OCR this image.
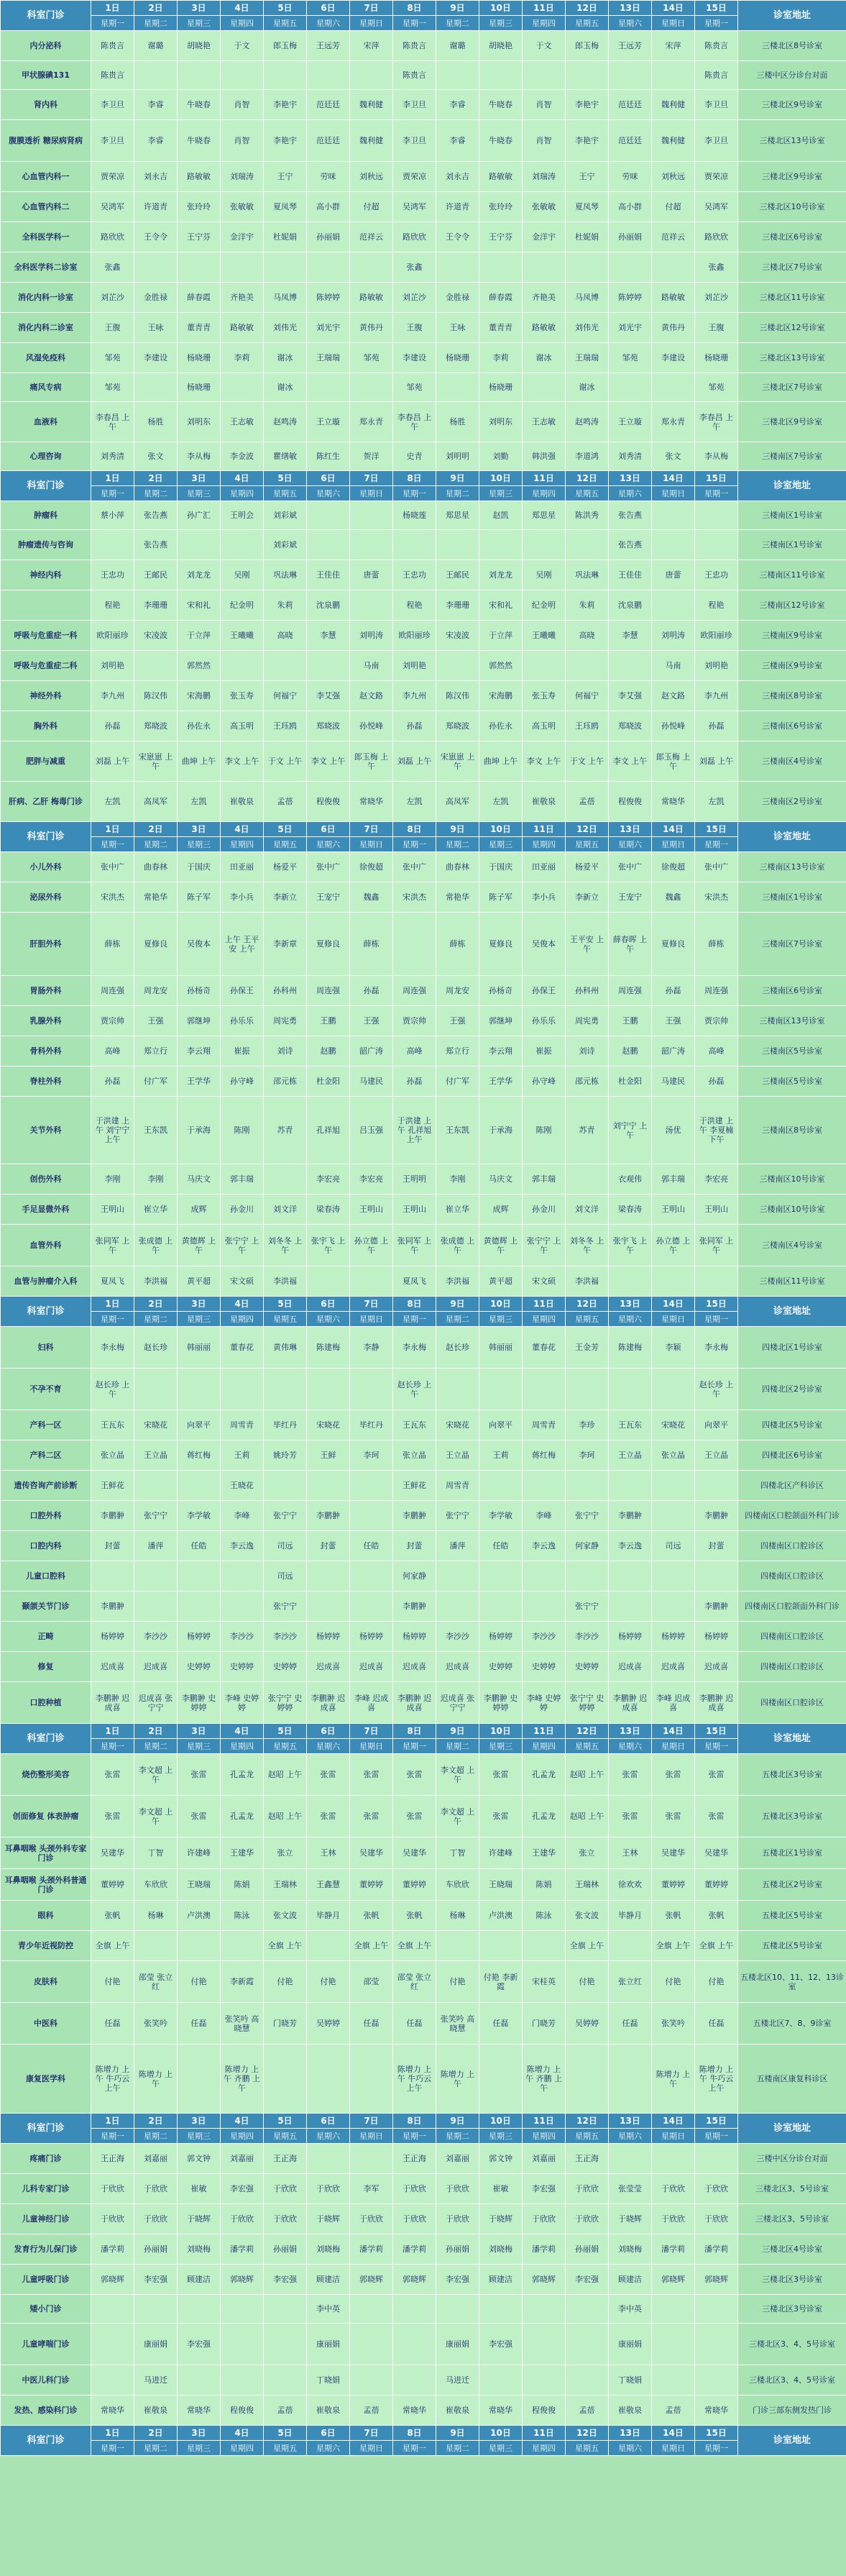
科室门诊	1日	2日	3日	4日	5日	6日	7日	8日	9日	10日	11日	12日	13日	14日	15日	诊室地址
	星期一	星期二	星期三	星期四	星期五	星期六	星期日	星期一	星期二	星期三	星期四	星期五	星期六	星期日	星期一	
内分泌科	陈贵言	谢璐	胡晓艳	于文	郎玉梅	王远芳	宋萍	陈贵言	谢璐	胡晓艳	于文	郎玉梅	王远芳	宋萍	陈贵言	三楼北区8号诊室
甲状腺碘131	陈贵言							陈贵言							陈贵言	三楼中区分诊台对面
肾内科	李卫旦	李睿	牛晓春	肖智	李艳宇	范廷廷	魏利健	李卫旦	李睿	牛晓春	肖智	李艳宇	范廷廷	魏利健	李卫旦	三楼北区9号诊室
腹膜透析 糖尿病肾病	李卫旦	李睿	牛晓春	肖智	李艳宇	范廷廷	魏利健	李卫旦	李睿	牛晓春	肖智	李艳宇	范廷廷	魏利健	李卫旦	三楼北区13号诊室
心血管内科一	贾荣凉	刘永吉	路敏敏	刘瑞涛	王宁	劳咪	刘秋远	贾荣凉	刘永吉	路敏敏	刘瑞涛	王宁	劳咪	刘秋远	贾荣凉	三楼北区9号诊室
心血管内科二	吴鸿军	许道青	张玲玲	张敏敏	夏凤琴	高小群	付超	吴鸿军	许道青	张玲玲	张敏敏	夏凤琴	高小群	付超	吴鸿军	三楼北区10号诊室
全科医学科一	路欣欣	王令令	王宁芬	金洋宇	杜妮娟	孙丽娟	范祥云	路欣欣	王令令	王宁芬	金洋宇	杜妮娟	孙丽娟	范祥云	路欣欣	三楼北区6号诊室
全科医学科二诊室	张鑫							张鑫							张鑫	三楼北区7号诊室
消化内科一诊室	刘芷沙	金胜禄	薛春霞	齐艳美	马凤博	陈婷婷	路敏敏	刘芷沙	金胜禄	薛春霞	齐艳美	马凤博	陈婷婷	路敏敏	刘芷沙	三楼北区11号诊室
消化内科二诊室	王腹	王咏	董青青	路敏敏	刘伟光	刘光宇	黄伟丹	王腹	王咏	董青青	路敏敏	刘伟光	刘光宇	黄伟丹	王腹	三楼北区12号诊室
风湿免疫科	邹苑	李建设	杨晓珊	李莉	谢冰	王瑞瑞	邹苑	李建设	杨晓珊	李莉	谢冰	王瑞瑞	邹苑	李建设	杨晓珊	三楼北区13号诊室
痛风专病	邹苑		杨晓珊		谢冰			邹苑		杨晓珊		谢冰			邹苑	三楼北区7号诊室
血液科	李春昌 上午	杨胜	刘明东	王志敏	赵鸣涛	王立璇	郑永青	李春昌 上午	杨胜	刘明东	王志敏	赵鸣涛	王立璇	郑永青	李春昌 上午	三楼北区9号诊室
心理咨询	刘秀清	张文	李从梅	李金波	瞿缮敏	陈红生	贺洋	史青	刘明明	刘勤	韩洪强	李道鸿	刘秀清	张文	李从梅	三楼南区7号诊室
科室门诊	1日	2日	3日	4日	5日	6日	7日	8日	9日	10日	11日	12日	13日	14日	15日	诊室地址
	星期一	星期二	星期三	星期四	星期五	星期六	星期日	星期一	星期二	星期三	星期四	星期五	星期六	星期日	星期一	
肿瘤科	蔡小萍	张告燕	孙广汇	王明会	刘彩斌			杨晓莲	郑思星	赵凯	郑思星	陈洪秀	张告燕			三楼南区1号诊室
肿瘤遗传与咨询		张告燕			刘彩斌								张告燕			三楼南区1号诊室
神经内科	王忠功	王邮民	刘龙龙	吴刚	巩法琳	王佳佳	唐蕾	王忠功	王邮民	刘龙龙	吴刚	巩法琳	王佳佳	唐蕾	王忠功	三楼南区11号诊室
	程艳	李珊珊	宋和礼	纪金明	朱莉	沈泉鹏		程艳	李珊珊	宋和礼	纪金明	朱莉	沈泉鹏		程艳	三楼南区12号诊室
呼吸与危重症一科	欧阳丽珍	宋凌波	于立萍	王曦曦	高晓	李慧	刘明涛	欧阳丽珍	宋凌波	于立萍	王曦曦	高晓	李慧	刘明涛	欧阳丽珍	三楼南区9号诊室
呼吸与危重症二科	刘明艳		郭然然				马南	刘明艳		郭然然				马南	刘明艳	三楼南区9号诊室
神经外科	李九州	陈汉伟	宋海鹏	张玉寿	何福宁	李艾强	赵文路	李九州	陈汉伟	宋海鹏	张玉寿	何福宁	李艾强	赵文路	李九州	三楼南区8号诊室
胸外科	孙磊	郑晓波	孙佐永	高玉明	王珏鸥	郑晓波	孙悦峰	孙磊	郑晓波	孙佐永	高玉明	王珏鸥	郑晓波	孙悦峰	孙磊	三楼南区6号诊室
肥胖与减重	刘磊 上午	宋崽崽 上午	曲坤 上午	李文 上午	于文 上午	李文 上午	郎玉梅 上午	刘磊 上午	宋崽崽 上午	曲坤 上午	李文 上午	于文 上午	李文 上午	郎玉梅 上午	刘磊 上午	三楼南区4号诊室
肝病、乙肝 梅毒门诊	左凯	高凤军	左凯	崔敬泉	孟蓓	程俊俊	常晓华	左凯	高凤军	左凯	崔敬泉	孟蓓	程俊俊	常晓华	左凯	三楼南区2号诊室
科室门诊	1日	2日	3日	4日	5日	6日	7日	8日	9日	10日	11日	12日	13日	14日	15日	诊室地址
	星期一	星期二	星期三	星期四	星期五	星期六	星期日	星期一	星期二	星期三	星期四	星期五	星期六	星期日	星期一	
小儿外科	张中广	曲春林	于国庆	田亚丽	杨爱平	张中广	徐俊超	张中广	曲春林	于国庆	田亚丽	杨爱平	张中广	徐俊超	张中广	三楼南区13号诊室
泌尿外科	宋洪杰	常艳华	陈子军	李小兵	李新立	王宠宁	魏鑫	宋洪杰	常艳华	陈子军	李小兵	李新立	王宠宁	魏鑫	宋洪杰	三楼南区1号诊室
肝胆外科	薛栋	夏修良	吴俊本	上午 王平安 上午	李新章	夏修良	薛栋		薛栋	夏修良	吴俊本	王平安 上午	薛春晖 上午	夏修良	薛栋	三楼南区7号诊室
胃肠外科	周连强	周龙安	孙杨奇	孙保王	孙科州	周连强	孙磊	周连强	周龙安	孙杨奇	孙保王	孙科州	周连强	孙磊	周连强	三楼南区6号诊室
乳腺外科	贾宗帅	王强	郭继坤	孙乐乐	周宪勇	王鹏	王强	贾宗帅	王强	郭继坤	孙乐乐	周宪勇	王鹏	王强	贾宗帅	三楼南区13号诊室
骨科外科	高峰	郑立行	李云翔	崔振	刘诗	赵鹏	韶广涛	高峰	郑立行	李云翔	崔振	刘诗	赵鹏	韶广涛	高峰	三楼南区5号诊室
脊柱外科	孙磊	付广军	王学华	孙守峰	邵元栋	杜金阳	马建民	孙磊	付广军	王学华	孙守峰	邵元栋	杜金阳	马建民	孙磊	三楼南区5号诊室
关节外科	于洪建 上午 刘宁宁 上午	王东凯	于承海	陈刚	苏青	孔祥旭	吕玉强	于洪建 上午 孔祥旭 上午	王东凯	于承海	陈刚	苏青	刘宁宁 上午	汤优	于洪建 上午 李夏楠 下午	三楼南区8号诊室
创伤外科	李刚	李刚	马庆文	郭丰瑞		李宏亮	李宏亮	王明明	李刚	马庆文	郭丰瑞		衣观伟	郭丰瑞	李宏亮	三楼南区10号诊室
手足显微外科	王明山	崔立华	成辉	孙金川	刘文洋	梁春涛	王明山	王明山	崔立华	成辉	孙金川	刘文洋	梁春涛	王明山	王明山	三楼南区10号诊室
血管外科	张同军 上午	张成德 上午	黄德辉 上午	张宁宁 上午	刘冬冬 上午	张宇飞 上午	孙立德 上午	张同军 上午	张成德 上午	黄德辉 上午	张宁宁 上午	刘冬冬 上午	张宇飞 上午	孙立德 上午	张同军 上午	三楼南区4号诊室
血管与肿瘤介入科	夏凤飞	李洪福	黄平超	宋文硕	李洪福			夏凤飞	李洪福	黄平超	宋文硕	李洪福				三楼南区11号诊室
科室门诊	1日	2日	3日	4日	5日	6日	7日	8日	9日	10日	11日	12日	13日	14日	15日	诊室地址
	星期一	星期二	星期三	星期四	星期五	星期六	星期日	星期一	星期二	星期三	星期四	星期五	星期六	星期日	星期一	
妇科	李永梅	赵长珍	韩丽丽	董春花	黄伟琳	陈建梅	李静	李永梅	赵长珍	韩丽丽	董春花	王金芳	陈建梅	李颖	李永梅	四楼北区1号诊室
不孕不育	赵长珍 上午							赵长珍 上午							赵长珍 上午	四楼北区2号诊室
产科一区	王瓦东	宋晓花	向翠平	周雪青	毕红丹	宋晓花	毕红丹	王瓦东	宋晓花	向翠平	周雪青	李珍	王瓦东	宋晓花	向翠平	四楼北区5号诊室
产科二区	张立晶	王立晶	蒋红梅	王莉	姚玲芳	王鲜	李珂	张立晶	王立晶	王莉	蒋红梅	李珂	王立晶	张立晶	王立晶	四楼北区6号诊室
遗传咨询产前诊断	王鲜花			王晓花				王鲜花	周雪青							四楼北区产科诊区
口腔外科	李鹏翀	张宁宁	李学敏	李峰	张宁宁	李鹏翀		李鹏翀	张宁宁	李学敏	李峰	张宁宁	李鹏翀		李鹏翀	四楼南区口腔颌面外科门诊
口腔内科	封蕾	潘萍	任皓	李云逸	司远	封蕾	任皓	封蕾	潘萍	任皓	李云逸	何家静	李云逸	司远	封蕾	四楼南区口腔诊区
儿童口腔科					司远			何家静								四楼南区口腔诊区
颞颌关节门诊	李鹏翀				张宁宁			李鹏翀				张宁宁			李鹏翀	四楼南区口腔颌面外科门诊
正畸	杨婷婷	李沙沙	杨婷婷	李沙沙	李沙沙	杨婷婷	杨婷婷	杨婷婷	李沙沙	杨婷婷	李沙沙	李沙沙	杨婷婷	杨婷婷	杨婷婷	四楼南区口腔诊区
修复	迟成喜	迟成喜	史婷婷	史婷婷	史婷婷	迟成喜	迟成喜	迟成喜	迟成喜	史婷婷	史婷婷	史婷婷	迟成喜	迟成喜	迟成喜	四楼南区口腔诊区
口腔种植	李鹏翀 迟成喜	迟成喜 张宁宁	李鹏翀 史婷婷	李峰 史婷婷	张宁宁 史婷婷	李鹏翀 迟成喜	李峰 迟成喜	李鹏翀 迟成喜	迟成喜 张宁宁	李鹏翀 史婷婷	李峰 史婷婷	张宁宁 史婷婷	李鹏翀 迟成喜	李峰 迟成喜	李鹏翀 迟成喜	四楼南区口腔诊区
科室门诊	1日	2日	3日	4日	5日	6日	7日	8日	9日	10日	11日	12日	13日	14日	15日	诊室地址
	星期一	星期二	星期三	星期四	星期五	星期六	星期日	星期一	星期二	星期三	星期四	星期五	星期六	星期日	星期一	
烧伤整形美容	张雷	李文超 上午	张雷	孔孟龙	赵昭 上午	张雷	张雷	张雷	李文超 上午	张雷	孔孟龙	赵昭 上午	张雷	张雷	张雷	五楼北区3号诊室
创面修复 体表肿瘤	张雷	李文超 上午	张雷	孔孟龙	赵昭 上午	张雷	张雷	张雷	李文超 上午	张雷	孔孟龙	赵昭 上午	张雷	张雷	张雷	五楼北区3号诊室
耳鼻咽喉 头颈外科专家门诊	吴建华	丁智	许建峰	王建华	张立	王林	吴建华	吴建华	丁智	许建峰	王建华	张立	王林	吴建华	吴建华	五楼北区1号诊室
耳鼻咽喉 头颈外科普通门诊	董婷婷	车欣欣	王晓瑞	陈娟	王瑞林	王鑫慧	董婷婷	董婷婷	车欣欣	王晓瑞	陈娟	王瑞林	徐欢欢	董婷婷	董婷婷	五楼北区2号诊室
眼科	张帆	杨琳	卢洪澳	陈泳	张文波	毕静月	张帆	张帆	杨琳	卢洪澳	陈泳	张文波	毕静月	张帆	张帆	五楼北区5号诊室
青少年近视防控	全旗 上午				全旗 上午		全旗 上午	全旗 上午				全旗 上午		全旗 上午	全旗 上午	五楼北区5号诊室
皮肤科	付艳	邵莹 张立红	付艳	李新霞	付艳	付艳	邵莹	邵莹 张立红	付艳	付艳 李新霞	宋桂英	付艳	张立红	付艳	付艳	五楼北区10、11、12、13诊室
中医科	任磊	张笑吟	任磊	张笑吟 高晓慧	门晓芳	吴婷婷	任磊	任磊	张笑吟 高晓慧	任磊	门晓芳	吴婷婷	任磊	张笑吟	任磊	五楼北区7、8、9诊室
康复医学科	陈增力 上午 牛巧云 上午	陈增力 上午		陈增力 上午 齐鹏 上午				陈增力 上午 牛巧云 上午	陈增力 上午		陈增力 上午 齐鹏 上午			陈增力 上午	陈增力 上午 牛巧云 上午	五楼南区康复科诊区
科室门诊	1日	2日	3日	4日	5日	6日	7日	8日	9日	10日	11日	12日	13日	14日	15日	诊室地址
	星期一	星期二	星期三	星期四	星期五	星期六	星期日	星期一	星期二	星期三	星期四	星期五	星期六	星期日	星期一	
疼痛门诊	王正海	刘嘉丽	郭文钟	刘嘉丽	王正海			王正海	刘嘉丽	郭文钟	刘嘉丽	王正海				三楼中区分诊台对面
儿科专家门诊	于欣欣	于欣欣	崔敏	李宏强	于欣欣	于欣欣	李军	于欣欣	于欣欣	崔敏	李宏强	于欣欣	张莹莹	于欣欣	于欣欣	三楼北区3、5号诊室
儿童神经门诊	于欣欣	于欣欣	于晓辉	于欣欣	于欣欣	于晓辉	于欣欣	于欣欣	于欣欣	于晓辉	于欣欣	于欣欣	于晓辉	于欣欣	于欣欣	三楼北区3、5号诊室
发育行为儿保门诊	潘学莉	孙丽娟	刘晓梅	潘学莉	孙丽娟	刘晓梅	潘学莉	潘学莉	孙丽娟	刘晓梅	潘学莉	孙丽娟	刘晓梅	潘学莉	潘学莉	三楼北区4号诊室
儿童呼吸门诊	郭晓辉	李宏强	顾建洁	郭晓辉	李宏强	顾建洁	郭晓辉	郭晓辉	李宏强	顾建洁	郭晓辉	李宏强	顾建洁	郭晓辉	郭晓辉	三楼北区3号诊室
矮小门诊						李中英							李中英			三楼北区3号诊室
儿童哮喘门诊		康丽娟	李宏强			康丽娟			康丽娟	李宏强			康丽娟			三楼北区3、4、5号诊室
中医儿科门诊		马进迁				丁晓娟			马进迁				丁晓娟			三楼北区3、4、5号诊室
发热、感染科门诊	常晓华	崔敬泉	常晓华	程俊俊	孟蓓	崔敬泉	孟蓓	常晓华	崔敬泉	常晓华	程俊俊	孟蓓	崔敬泉	孟蓓	常晓华	门诊三部东侧发热门诊
科室门诊	1日	2日	3日	4日	5日	6日	7日	8日	9日	10日	11日	12日	13日	14日	15日	诊室地址
	星期一	星期二	星期三	星期四	星期五	星期六	星期日	星期一	星期二	星期三	星期四	星期五	星期六	星期日	星期一	
